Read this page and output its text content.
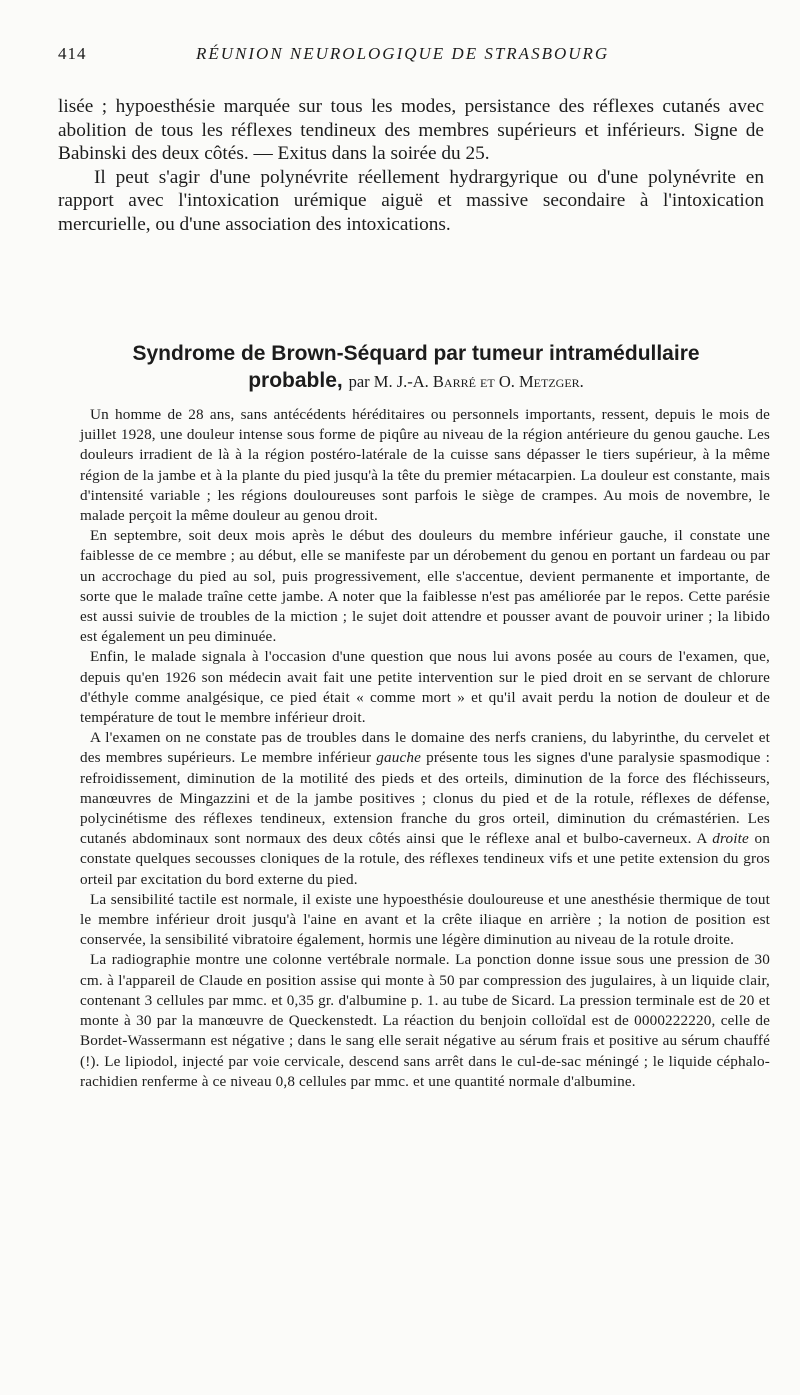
414	RÉUNION NEUROLOGIQUE DE STRASBOURG

lisée ; hypoesthésie marquée sur tous les modes, persistance des réflexes cutanés avec abolition de tous les réflexes tendineux des membres supérieurs et inférieurs. Signe de Babinski des deux côtés. — Exitus dans la soirée du 25.

Il peut s'agir d'une polynévrite réellement hydrargyrique ou d'une polynévrite en rapport avec l'intoxication urémique aiguë et massive secondaire à l'intoxication mercurielle, ou d'une association des intoxications.

Syndrome de Brown-Séquard par tumeur intramédullaire
probable, par M. J.-A. Barré et O. Metzger.

Un homme de 28 ans, sans antécédents héréditaires ou personnels importants, ressent, depuis le mois de juillet 1928, une douleur intense sous forme de piqûre au niveau de la région antérieure du genou gauche. Les douleurs irradient de là à la région postéro-latérale de la cuisse sans dépasser le tiers supérieur, à la même région de la jambe et à la plante du pied jusqu'à la tête du premier métacarpien. La douleur est constante, mais d'intensité variable ; les régions douloureuses sont parfois le siège de crampes. Au mois de novembre, le malade perçoit la même douleur au genou droit.

En septembre, soit deux mois après le début des douleurs du membre inférieur gauche, il constate une faiblesse de ce membre ; au début, elle se manifeste par un dérobement du genou en portant un fardeau ou par un accrochage du pied au sol, puis progressivement, elle s'accentue, devient permanente et importante, de sorte que le malade traîne cette jambe. A noter que la faiblesse n'est pas améliorée par le repos. Cette parésie est aussi suivie de troubles de la miction ; le sujet doit attendre et pousser avant de pouvoir uriner ; la libido est également un peu diminuée.

Enfin, le malade signala à l'occasion d'une question que nous lui avons posée au cours de l'examen, que, depuis qu'en 1926 son médecin avait fait une petite intervention sur le pied droit en se servant de chlorure d'éthyle comme analgésique, ce pied était « comme mort » et qu'il avait perdu la notion de douleur et de température de tout le membre inférieur droit.

A l'examen on ne constate pas de troubles dans le domaine des nerfs craniens, du labyrinthe, du cervelet et des membres supérieurs. Le membre inférieur gauche présente tous les signes d'une paralysie spasmodique : refroidissement, diminution de la motilité des pieds et des orteils, diminution de la force des fléchisseurs, manœuvres de Mingazzini et de la jambe positives ; clonus du pied et de la rotule, réflexes de défense, polycinétisme des réflexes tendineux, extension franche du gros orteil, diminution du crémastérien. Les cutanés abdominaux sont normaux des deux côtés ainsi que le réflexe anal et bulbo-caverneux. A droite on constate quelques secousses cloniques de la rotule, des réflexes tendineux vifs et une petite extension du gros orteil par excitation du bord externe du pied.

La sensibilité tactile est normale, il existe une hypoesthésie douloureuse et une anesthésie thermique de tout le membre inférieur droit jusqu'à l'aine en avant et la crête iliaque en arrière ; la notion de position est conservée, la sensibilité vibratoire également, hormis une légère diminution au niveau de la rotule droite.

La radiographie montre une colonne vertébrale normale. La ponction donne issue sous une pression de 30 cm. à l'appareil de Claude en position assise qui monte à 50 par compression des jugulaires, à un liquide clair, contenant 3 cellules par mmc. et 0,35 gr. d'albumine p. 1. au tube de Sicard. La pression terminale est de 20 et monte à 30 par la manœuvre de Queckenstedt. La réaction du benjoin colloïdal est de 0000222220, celle de Bordet-Wassermann est négative ; dans le sang elle serait négative au sérum frais et positive au sérum chauffé (!). Le lipiodol, injecté par voie cervicale, descend sans arrêt dans le cul-de-sac méningé ; le liquide céphalo-rachidien renferme à ce niveau 0,8 cellules par mmc. et une quantité normale d'albumine.
